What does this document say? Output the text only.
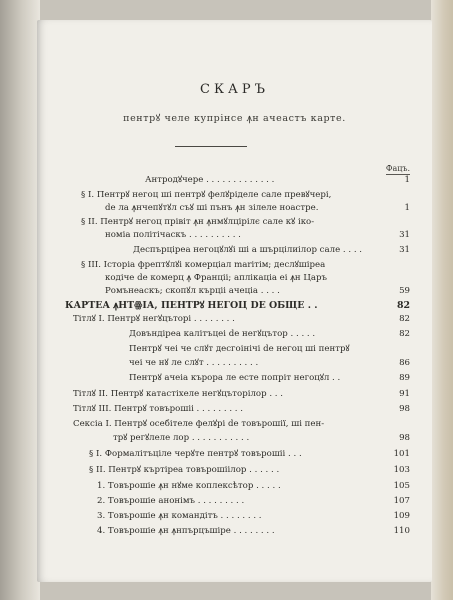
СКАРЪ
пентрꙋ челе купрінсе ꙟн ачеастъ карте.
Фацъ.
Антродꙋчере . . . . . . . . . . . . .	1
§ I. Пентрꙋ негоц ші пентрꙋ фелꙋріделе сале превꙋчері,
de ла ꙟнчепꙋтꙋл съꙋ ші пънъ ꙟн зілеле ноастре.	1
§ II. Пентрꙋ негоц прівіт ꙟн ꙟнмꙋлцірілє сале кꙋ іко-
номіа політічаскъ . . . . . . . . . .	31
Деспърціреа негоцꙋлꙋі ші а шърцілиілор сале . . . .	31
§ III. Історіа фрептꙋлꙋі комерціал marітім; деслꙋшіреа
кодіче de комерц ꙟ Франціі; aплікаціа еі ꙟн Царъ
Ромънеаскъ; скопꙋл кърціі ачеціа . . . .	59
КАРТЕА ꙟНТꙮІА, ПЕНТРꙋ НЕГОЦ DE ОБЩЕ . .	82
Тітлꙋ I. Пентрꙋ негꙋцъторі . . . . . . . .	82
Довъндіреа калітъцеі de негꙋцътор . . . . .	82
Пентрꙋ чеі че слꙋт десгоінічі de негоц ші пентрꙋ
чеі че нꙋ ле слꙋт . . . . . . . . . .	86
Пентрꙋ ачеіа кърора ле есте попріт негоцꙋл . .	89
Тітлꙋ II. Пентрꙋ катастіхеле негꙋцъторілор . . .	91
Тітлꙋ III. Пентрꙋ товърошіі . . . . . . . . .	98
Сексіа I. Пентрꙋ осебітеле фелꙋрі de товърошії, ші пен-
трꙋ регꙋлеле лор . . . . . . . . . . .	98
§ I. Формалітъціле черꙋте пентрꙋ товърошіі . . .	101
§ II. Пентрꙋ къртіреа товърошіілор . . . . . .	103
1. Товърошіе ꙟн нꙋме коплексѣтор . . . . .	105
2. Товърошіе анонімъ . . . . . . . . .	107
3. Товърошіе ꙟн командітъ . . . . . . . .	109
4. Товърошіе ꙟн ꙟнпърцъшіре . . . . . . . .	110
